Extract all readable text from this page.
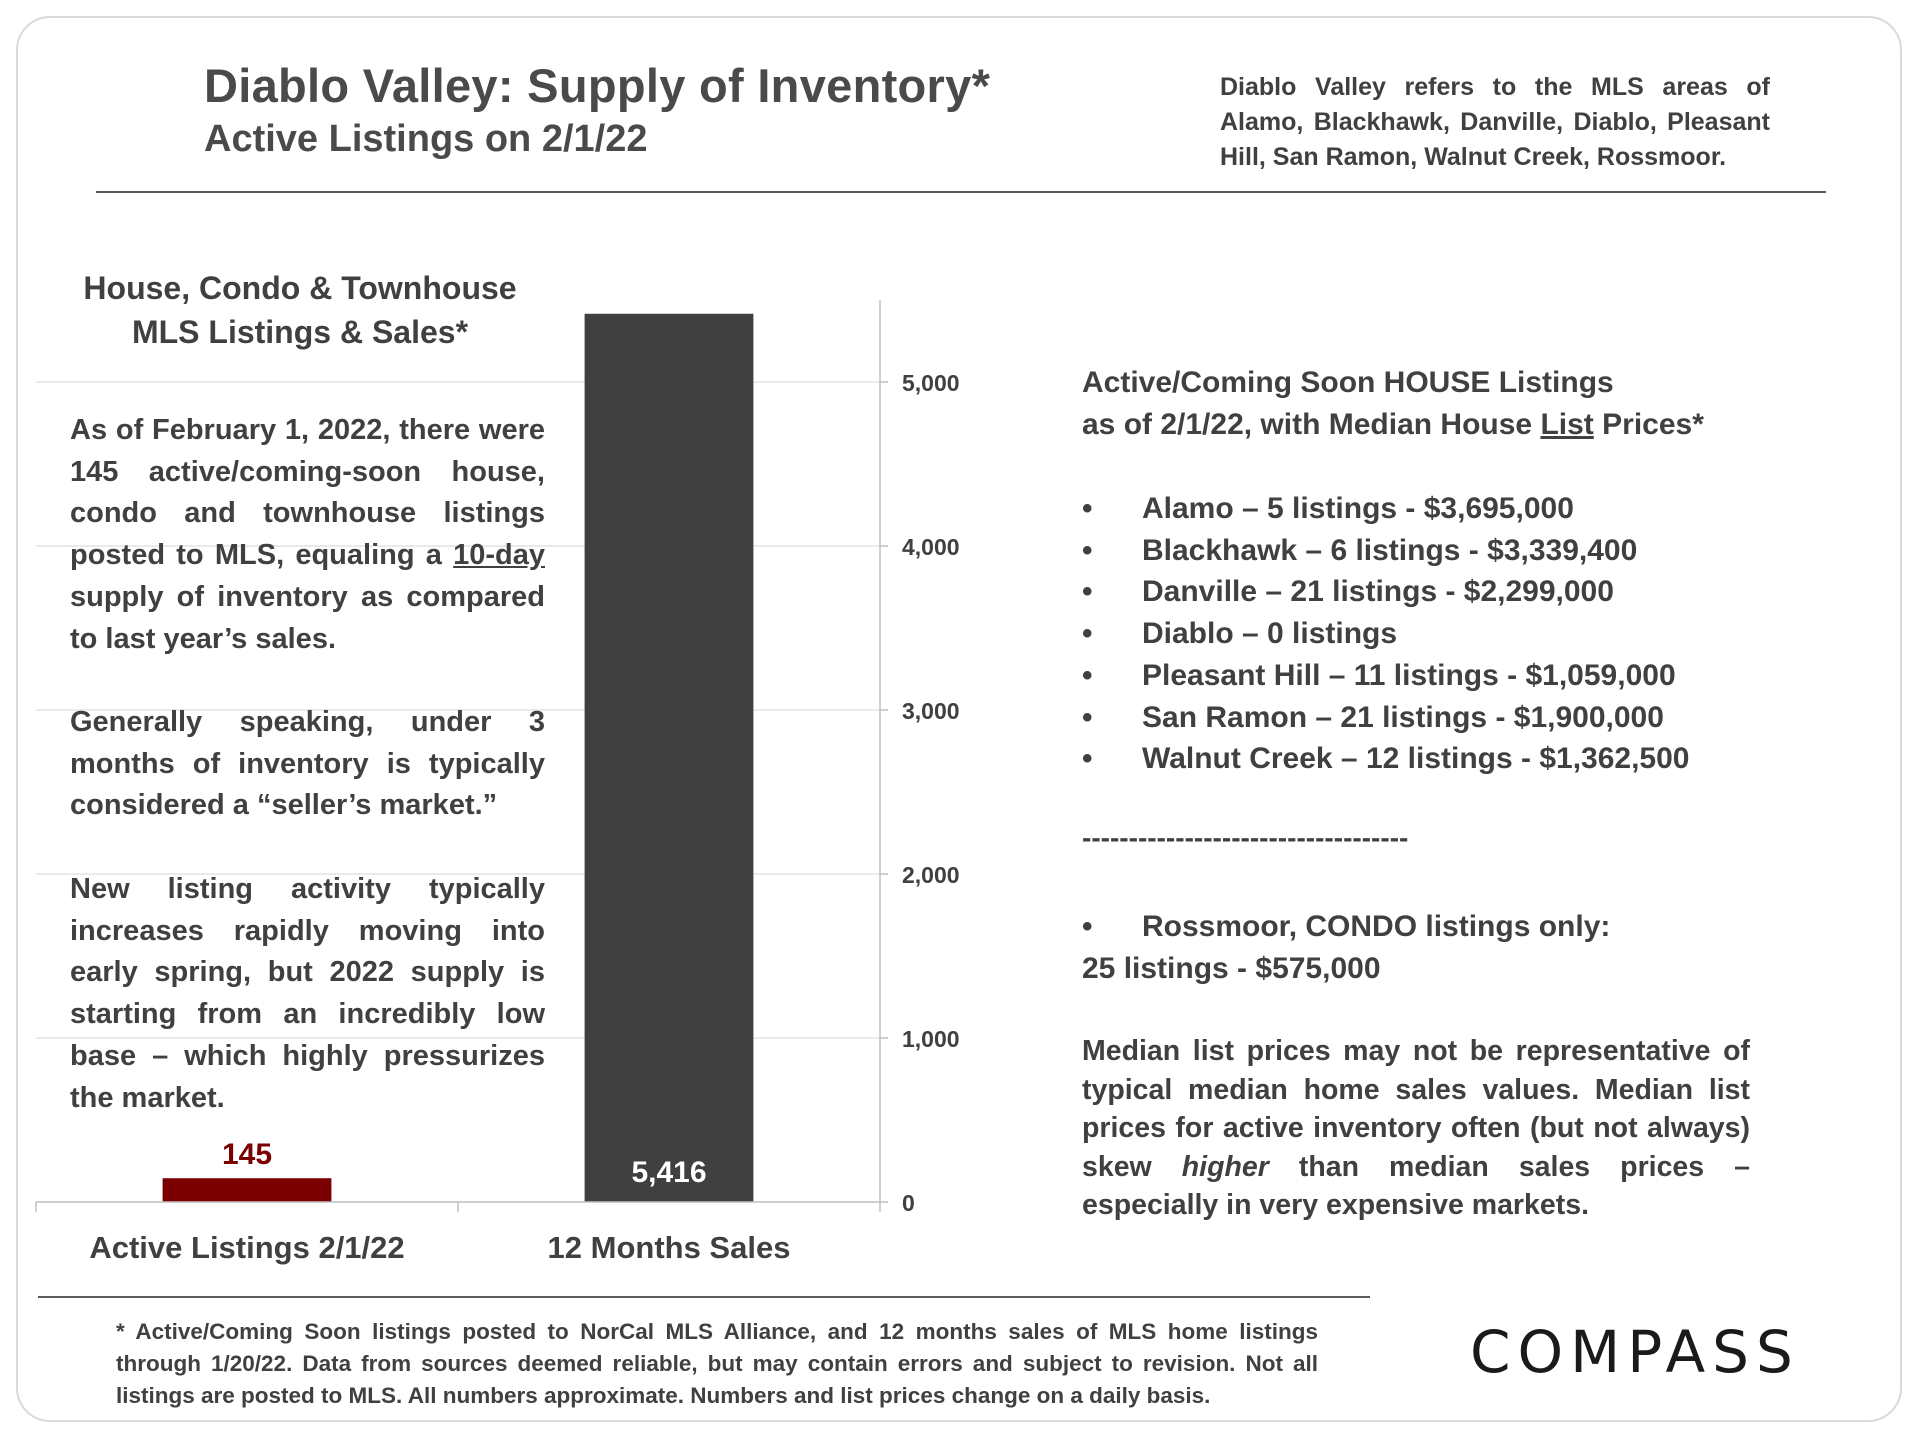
Diablo Valley: Supply of Inventory*
Active Listings on 2/1/22
Diablo Valley refers to the MLS areas of Alamo, Blackhawk, Danville, Diablo, Pleasant Hill, San Ramon, Walnut Creek, Rossmoor.
0
1,000
2,000
3,000
4,000
5,000
Active Listings 2/1/22
145
12 Months Sales
5,416
House, Condo & Townhouse
MLS Listings & Sales*

As of February 1, 2022, there were 145 active/coming-soon house, condo and townhouse listings posted to MLS, equaling a 10-day supply of inventory as compared to last year’s sales.

Generally speaking, under 3 months of inventory is typically considered a “seller’s market.”

New listing activity typically increases rapidly moving into early spring, but 2022 supply is starting from an incredibly low base – which highly pressurizes the market.

Active/Coming Soon HOUSE Listings
as of 2/1/22, with Median House List Prices*
• Alamo – 5 listings - $3,695,000
• Blackhawk – 6 listings - $3,339,400
• Danville – 21 listings - $2,299,000
• Diablo – 0 listings
• Pleasant Hill – 11 listings - $1,059,000
• San Ramon – 21 listings - $1,900,000
• Walnut Creek – 12 listings - $1,362,500
-----------------------------------
• Rossmoor, CONDO listings only:
25 listings - $575,000
Median list prices may not be representative of typical median home sales values. Median list prices for active inventory often (but not always) skew higher than median sales prices – especially in very expensive markets.
* Active/Coming Soon listings posted to NorCal MLS Alliance, and 12 months sales of MLS home listings through 1/20/22. Data from sources deemed reliable, but may contain errors and subject to revision. Not all listings are posted to MLS. All numbers approximate. Numbers and list prices change on a daily basis.
COMPASS
